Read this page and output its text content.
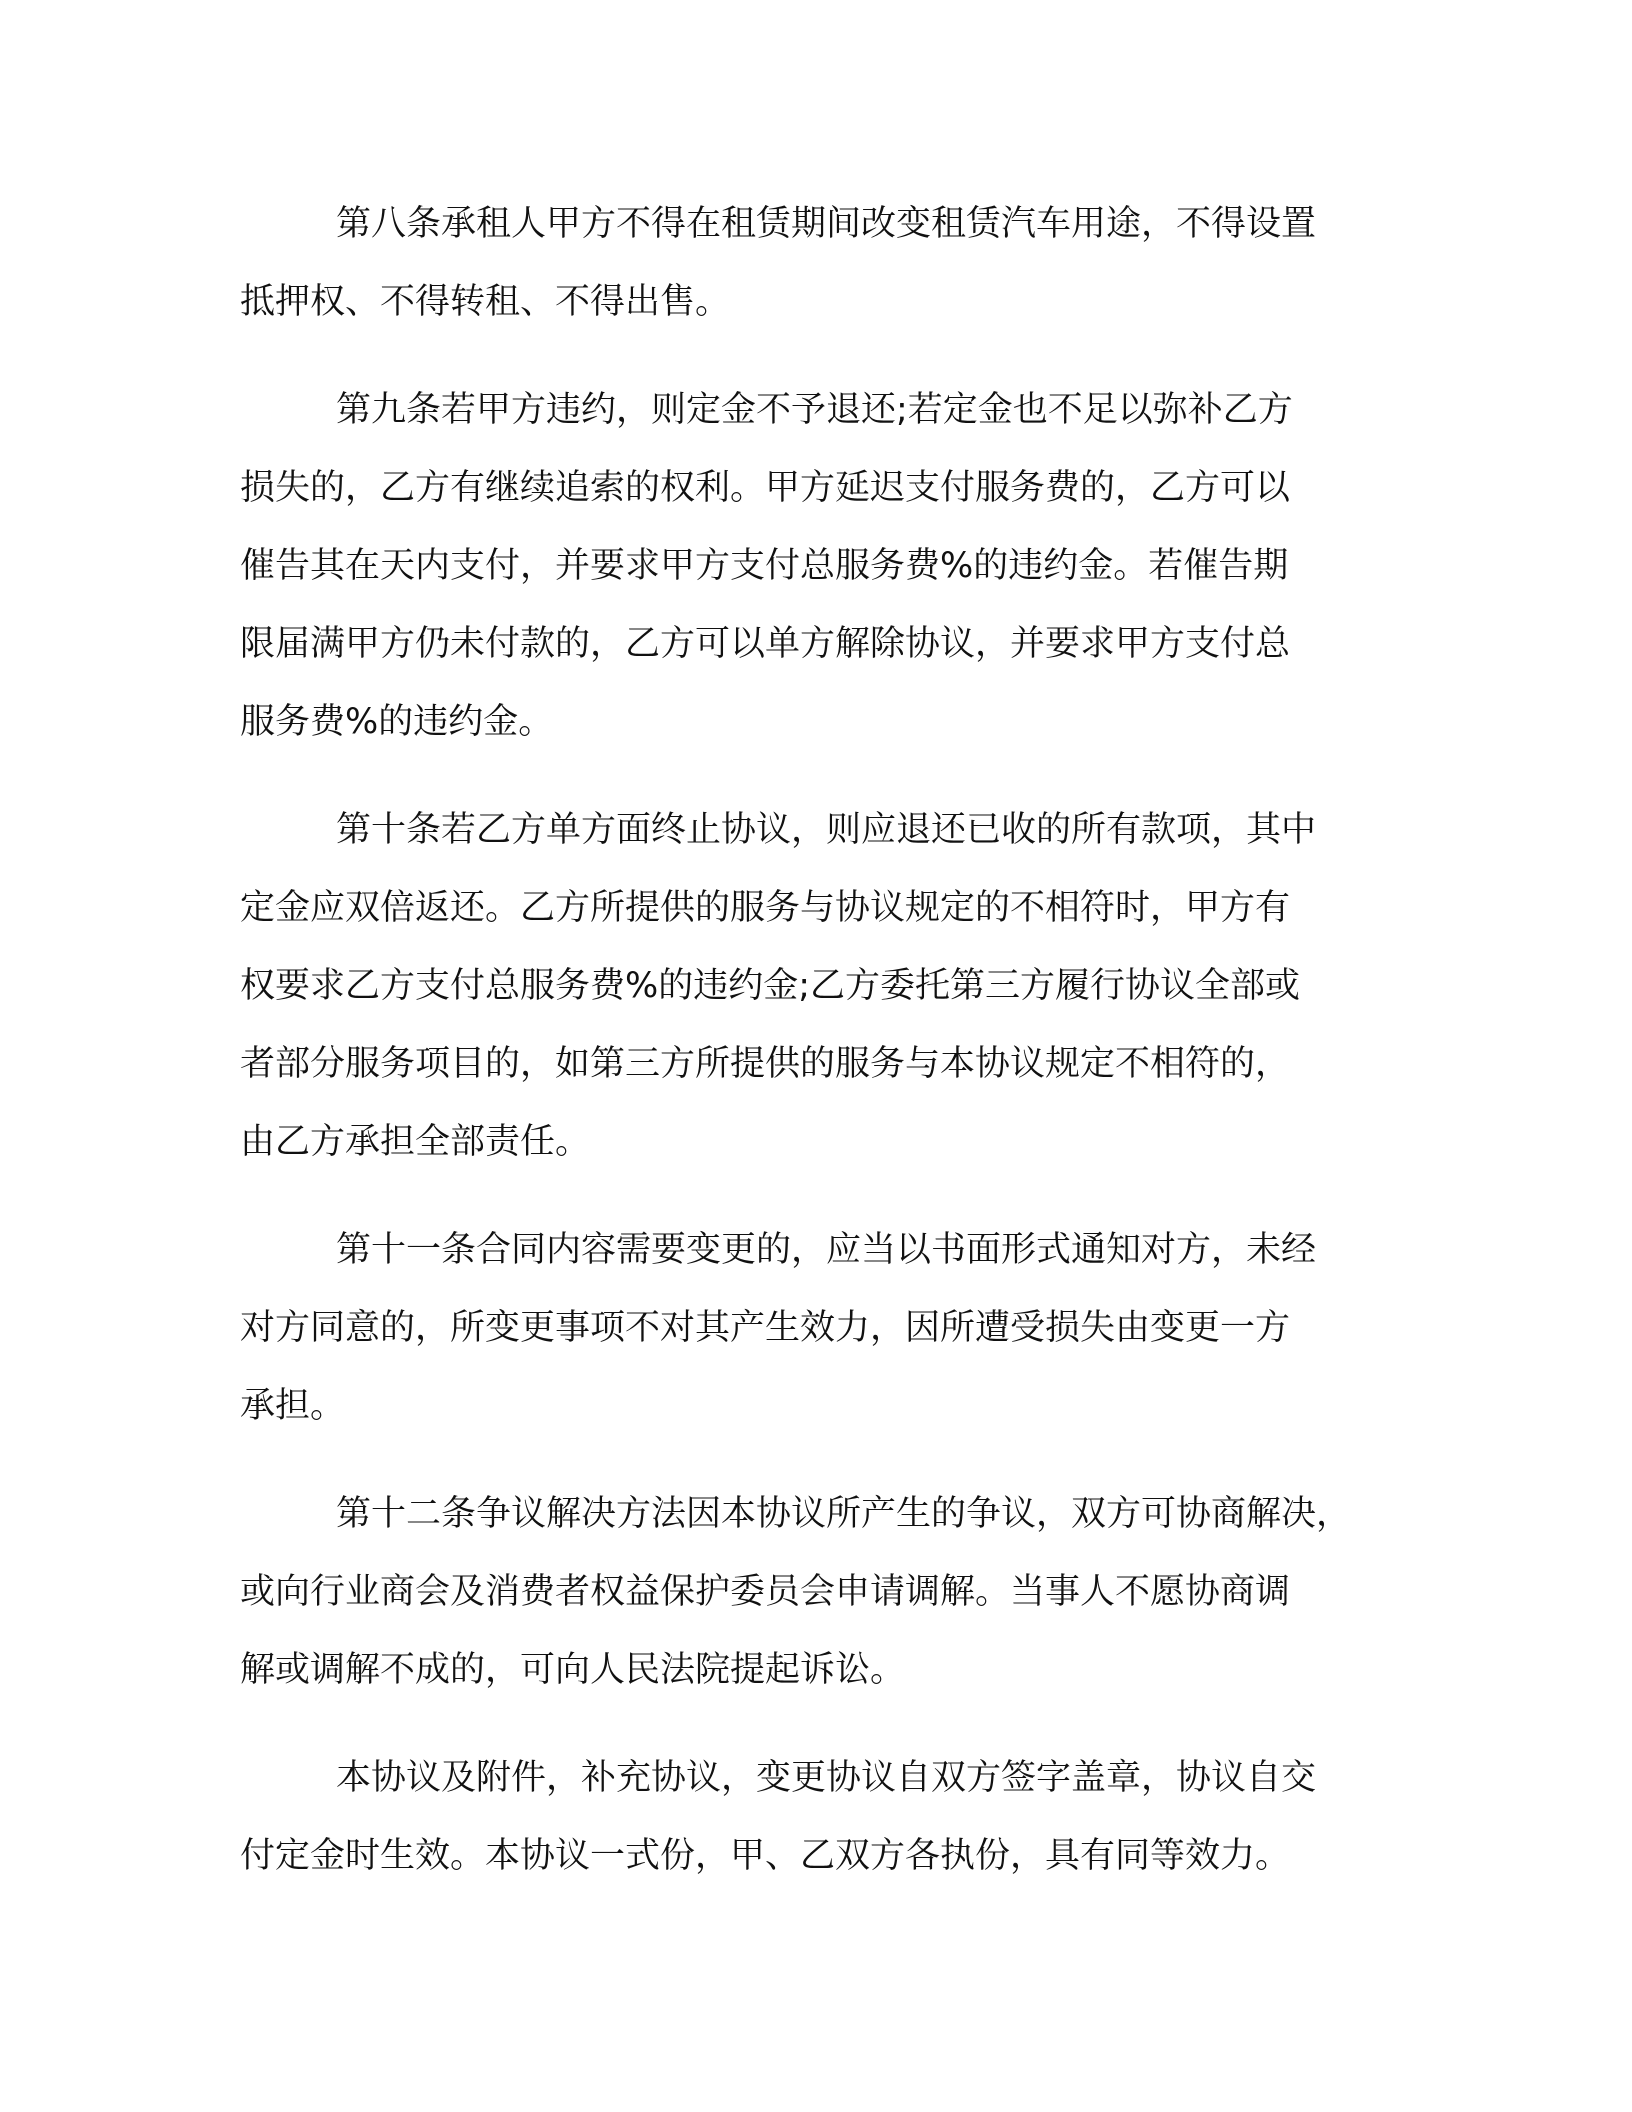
第八条承租人甲方不得在租赁期间改变租赁汽车用途，不得设置
抵押权、不得转租、不得出售。

第九条若甲方违约，则定金不予退还;若定金也不足以弥补乙方
损失的，乙方有继续追索的权利。甲方延迟支付服务费的，乙方可以
催告其在天内支付，并要求甲方支付总服务费%的违约金。若催告期
限届满甲方仍未付款的，乙方可以单方解除协议，并要求甲方支付总
服务费%的违约金。

第十条若乙方单方面终止协议，则应退还已收的所有款项，其中
定金应双倍返还。乙方所提供的服务与协议规定的不相符时，甲方有
权要求乙方支付总服务费%的违约金;乙方委托第三方履行协议全部或
者部分服务项目的，如第三方所提供的服务与本协议规定不相符的，
由乙方承担全部责任。

第十一条合同内容需要变更的，应当以书面形式通知对方，未经
对方同意的，所变更事项不对其产生效力，因所遭受损失由变更一方
承担。

第十二条争议解决方法因本协议所产生的争议，双方可协商解决，
或向行业商会及消费者权益保护委员会申请调解。当事人不愿协商调
解或调解不成的，可向人民法院提起诉讼。

本协议及附件，补充协议，变更协议自双方签字盖章，协议自交
付定金时生效。本协议一式份，甲、乙双方各执份，具有同等效力。
